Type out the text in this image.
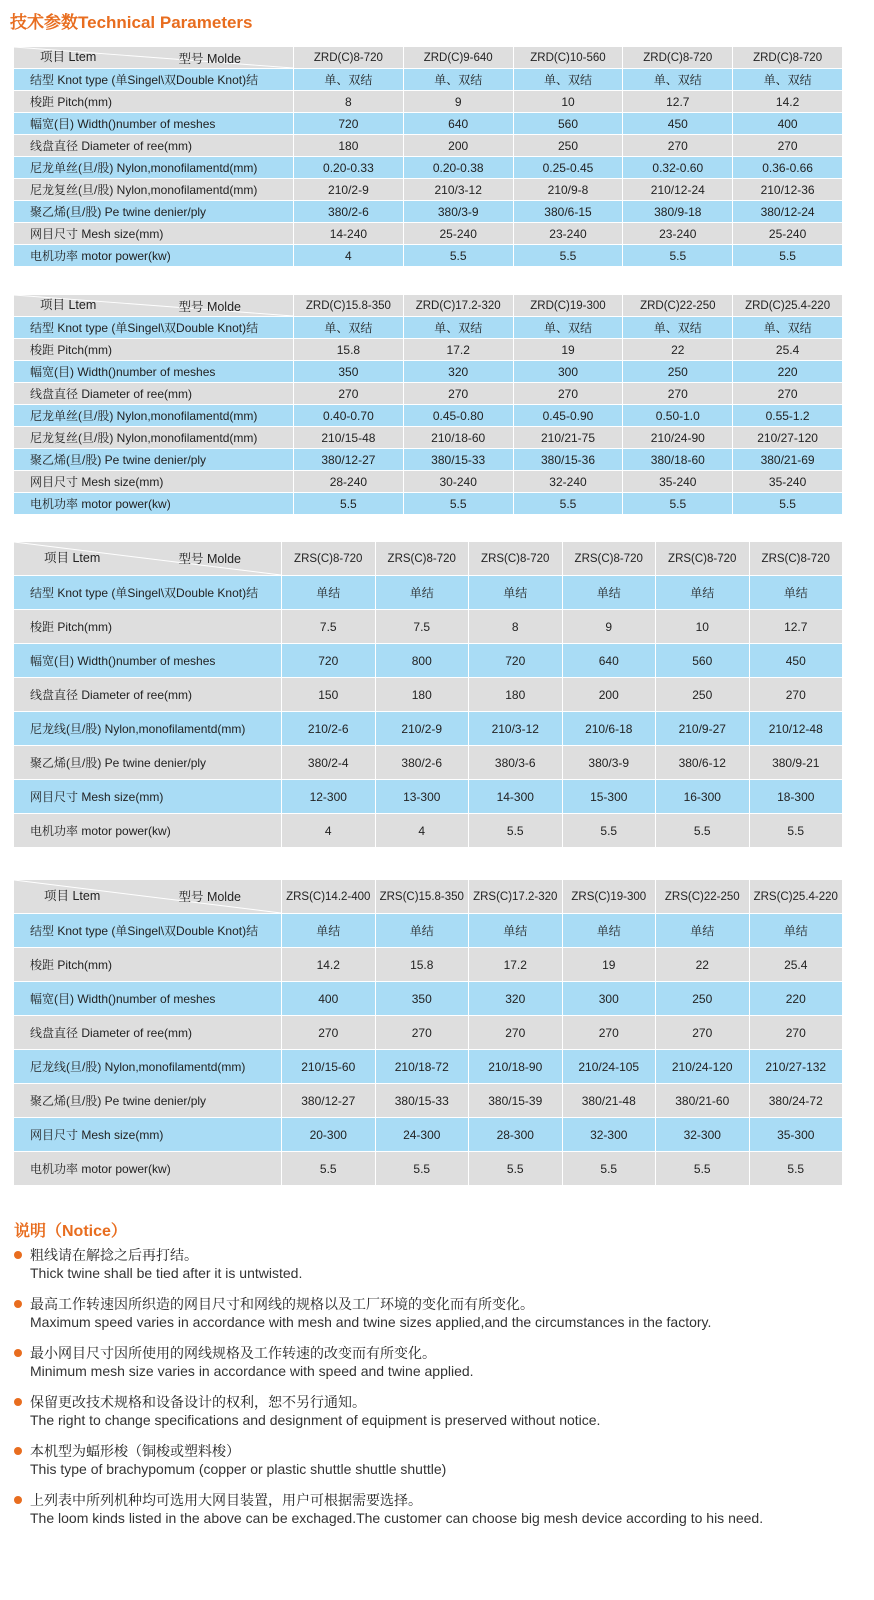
技术参数Technical Parameters
项目 Ltem 型号 Molde	ZRD(C)8-720	ZRD(C)9-640	ZRD(C)10-560	ZRD(C)8-720	ZRD(C)8-720
结型 Knot type (单Singel\双Double Knot)结	单、双结	单、双结	单、双结	单、双结	单、双结
梭距 Pitch(mm)	8	9	10	12.7	14.2
幅宽(目) Width()number of meshes	720	640	560	450	400
线盘直径 Diameter of ree(mm)	180	200	250	270	270
尼龙单丝(旦/股) Nylon,monofilamentd(mm)	0.20-0.33	0.20-0.38	0.25-0.45	0.32-0.60	0.36-0.66
尼龙复丝(旦/股) Nylon,monofilamentd(mm)	210/2-9	210/3-12	210/9-8	210/12-24	210/12-36
聚乙烯(旦/股) Pe twine denier/ply	380/2-6	380/3-9	380/6-15	380/9-18	380/12-24
网目尺寸 Mesh size(mm)	14-240	25-240	23-240	23-240	25-240
电机功率 motor power(kw)	4	5.5	5.5	5.5	5.5
项目 Ltem 型号 Molde	ZRD(C)15.8-350	ZRD(C)17.2-320	ZRD(C)19-300	ZRD(C)22-250	ZRD(C)25.4-220
结型 Knot type (单Singel\双Double Knot)结	单、双结	单、双结	单、双结	单、双结	单、双结
梭距 Pitch(mm)	15.8	17.2	19	22	25.4
幅宽(目) Width()number of meshes	350	320	300	250	220
线盘直径 Diameter of ree(mm)	270	270	270	270	270
尼龙单丝(旦/股) Nylon,monofilamentd(mm)	0.40-0.70	0.45-0.80	0.45-0.90	0.50-1.0	0.55-1.2
尼龙复丝(旦/股) Nylon,monofilamentd(mm)	210/15-48	210/18-60	210/21-75	210/24-90	210/27-120
聚乙烯(旦/股) Pe twine denier/ply	380/12-27	380/15-33	380/15-36	380/18-60	380/21-69
网目尺寸 Mesh size(mm)	28-240	30-240	32-240	35-240	35-240
电机功率 motor power(kw)	5.5	5.5	5.5	5.5	5.5
项目 Ltem 型号 Molde	ZRS(C)8-720	ZRS(C)8-720	ZRS(C)8-720	ZRS(C)8-720	ZRS(C)8-720	ZRS(C)8-720
结型 Knot type (单Singel\双Double Knot)结	单结	单结	单结	单结	单结	单结
梭距 Pitch(mm)	7.5	7.5	8	9	10	12.7
幅宽(目) Width()number of meshes	720	800	720	640	560	450
线盘直径 Diameter of ree(mm)	150	180	180	200	250	270
尼龙线(旦/股) Nylon,monofilamentd(mm)	210/2-6	210/2-9	210/3-12	210/6-18	210/9-27	210/12-48
聚乙烯(旦/股) Pe twine denier/ply	380/2-4	380/2-6	380/3-6	380/3-9	380/6-12	380/9-21
网目尺寸 Mesh size(mm)	12-300	13-300	14-300	15-300	16-300	18-300
电机功率 motor power(kw)	4	4	5.5	5.5	5.5	5.5
项目 Ltem 型号 Molde	ZRS(C)14.2-400	ZRS(C)15.8-350	ZRS(C)17.2-320	ZRS(C)19-300	ZRS(C)22-250	ZRS(C)25.4-220
结型 Knot type (单Singel\双Double Knot)结	单结	单结	单结	单结	单结	单结
梭距 Pitch(mm)	14.2	15.8	17.2	19	22	25.4
幅宽(目) Width()number of meshes	400	350	320	300	250	220
线盘直径 Diameter of ree(mm)	270	270	270	270	270	270
尼龙线(旦/股) Nylon,monofilamentd(mm)	210/15-60	210/18-72	210/18-90	210/24-105	210/24-120	210/27-132
聚乙烯(旦/股) Pe twine denier/ply	380/12-27	380/15-33	380/15-39	380/21-48	380/21-60	380/24-72
网目尺寸 Mesh size(mm)	20-300	24-300	28-300	32-300	32-300	35-300
电机功率 motor power(kw)	5.5	5.5	5.5	5.5	5.5	5.5
说明（Notice）
粗线请在解捻之后再打结。
Thick twine shall be tied after it is untwisted.
最高工作转速因所织造的网目尺寸和网线的规格以及工厂环境的变化而有所变化。
Maximum speed varies in accordance with mesh and twine sizes applied,and the circumstances in the factory.
最小网目尺寸因所使用的网线规格及工作转速的改变而有所变化。
Minimum mesh size varies in accordance with speed and twine applied.
保留更改技术规格和设备设计的权利，恕不另行通知。
The right to change specifications and designment of equipment is preserved without notice.
本机型为蝠形梭（铜梭或塑料梭）
This type of brachypomum (copper or plastic shuttle shuttle shuttle)
上列表中所列机种均可选用大网目装置，用户可根据需要选择。
The loom kinds listed in the above can be exchaged.The customer can choose big mesh device according to his need.
